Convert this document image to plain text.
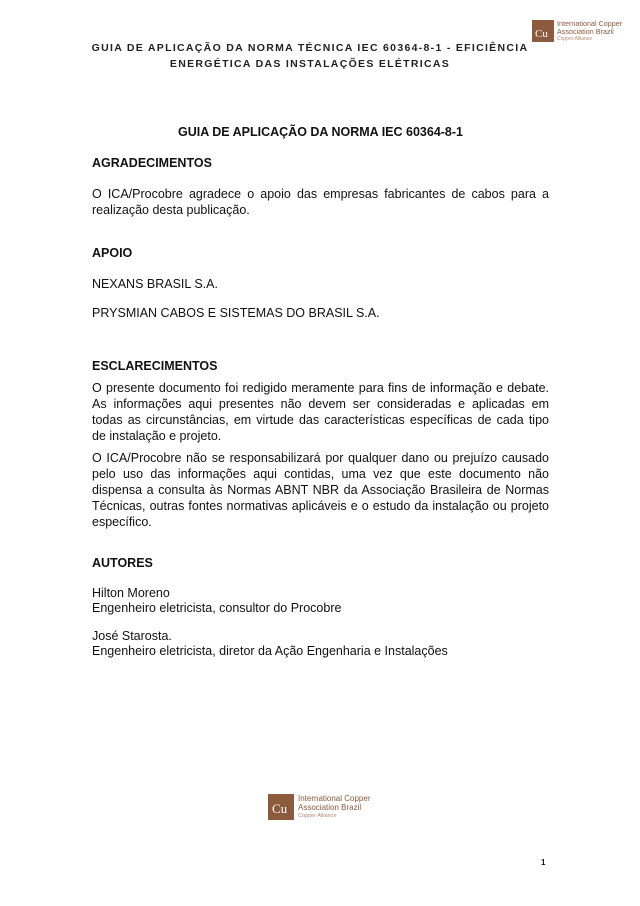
GUIA DE APLICAÇÃO DA NORMA TÉCNICA IEC 60364-8-1 - EFICIÊNCIA
ENERGÉTICA DAS INSTALAÇÕES ELÉTRICAS
Cu
International Copper
Association Brazil
Copper Alliance
GUIA DE APLICAÇÃO DA NORMA IEC 60364-8-1
AGRADECIMENTOS
O ICA/Procobre agradece o apoio das empresas fabricantes de cabos para a realização desta publicação.
APOIO
NEXANS BRASIL S.A.
PRYSMIAN CABOS E SISTEMAS DO BRASIL S.A.
ESCLARECIMENTOS
O presente documento foi redigido meramente para fins de informação e debate. As informações aqui presentes não devem ser consideradas e aplicadas em todas as circunstâncias, em virtude das características específicas de cada tipo de instalação e projeto.
O ICA/Procobre não se responsabilizará por qualquer dano ou prejuízo causado pelo uso das informações aqui contidas, uma vez que este documento não dispensa a consulta às Normas ABNT NBR da Associação Brasileira de Normas Técnicas, outras fontes normativas aplicáveis e o estudo da instalação ou projeto específico.
AUTORES
Hilton Moreno
Engenheiro eletricista, consultor do Procobre
José Starosta.
Engenheiro eletricista, diretor da Ação Engenharia e Instalações
Cu
International Copper
Association Brazil
Copper Alliance
1
